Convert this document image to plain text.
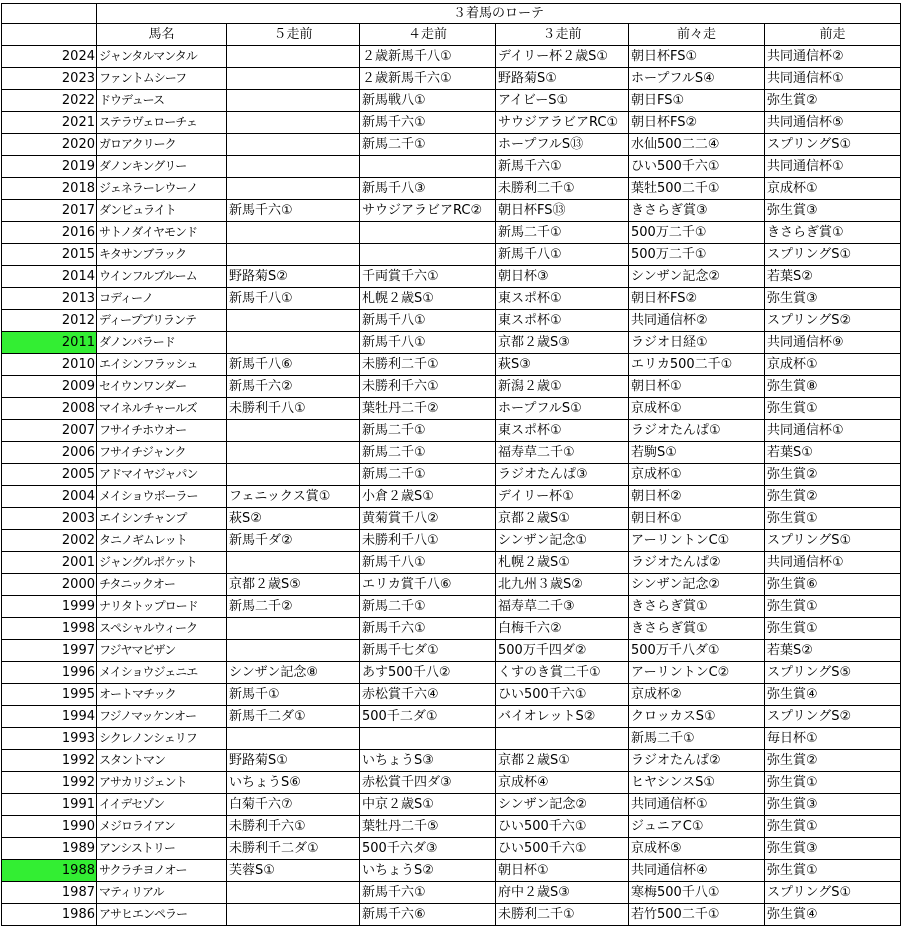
	３着馬のローテ					
	馬名	５走前	４走前	３走前	前々走	前走
2024	ジャンタルマンタル		２歳新馬千八①	デイリー杯２歳S①	朝日杯FS①	共同通信杯②
2023	ファントムシーフ		２歳新馬千六①	野路菊S①	ホープフルS④	共同通信杯①
2022	ドウデュース		新馬戦八①	アイビーS①	朝日FS①	弥生賞②
2021	ステラヴェローチェ		新馬千六①	サウジアラビアRC①	朝日杯FS②	共同通信杯⑤
2020	ガロアクリーク		新馬二千①	ホープフルS⑬	水仙500二二④	スプリングS①
2019	ダノンキングリー			新馬千六①	ひい500千六①	共同通信杯①
2018	ジェネラーレウーノ		新馬千八③	未勝利二千①	葉牡500二千①	京成杯①
2017	ダンビュライト	新馬千六①	サウジアラビアRC②	朝日杯FS⑬	きさらぎ賞③	弥生賞③
2016	サトノダイヤモンド			新馬二千①	500万二千①	きさらぎ賞①
2015	キタサンブラック			新馬千八①	500万二千①	スプリングS①
2014	ウインフルブルーム	野路菊S②	千両賞千六①	朝日杯③	シンザン記念②	若葉S②
2013	コディーノ	新馬千八①	札幌２歳S①	東スポ杯①	朝日杯FS②	弥生賞③
2012	ディープブリランテ		新馬千八①	東スポ杯①	共同通信杯②	スプリングS②
2011	ダノンバラード		新馬千八①	京都２歳S③	ラジオ日経①	共同通信杯⑨
2010	エイシンフラッシュ	新馬千八⑥	未勝利二千①	萩S③	エリカ500二千①	京成杯①
2009	セイウンワンダー	新馬千六②	未勝利千六①	新潟２歳①	朝日杯①	弥生賞⑧
2008	マイネルチャールズ	未勝利千八①	葉牡丹二千②	ホープフルS①	京成杯①	弥生賞①
2007	フサイチホウオー		新馬二千①	東スポ杯①	ラジオたんぱ①	共同通信杯①
2006	フサイチジャンク		新馬二千①	福寿草二千①	若駒S①	若葉S①
2005	アドマイヤジャパン		新馬二千①	ラジオたんぱ③	京成杯①	弥生賞②
2004	メイショウボーラー	フェニックス賞①	小倉２歳S①	デイリー杯①	朝日杯②	弥生賞②
2003	エイシンチャンプ	萩S②	黄菊賞千八②	京都２歳S①	朝日杯①	弥生賞①
2002	タニノギムレット	新馬千ダ②	未勝利千八①	シンザン記念①	アーリントンC①	スプリングS①
2001	ジャングルポケット		新馬千八①	札幌２歳S①	ラジオたんぱ②	共同通信杯①
2000	チタニックオー	京都２歳S⑤	エリカ賞千八⑥	北九州３歳S②	シンザン記念②	弥生賞⑥
1999	ナリタトップロード	新馬二千②	新馬二千①	福寿草二千③	きさらぎ賞①	弥生賞①
1998	スペシャルウィーク		新馬千六①	白梅千六②	きさらぎ賞①	弥生賞①
1997	フジヤマビザン		新馬千七ダ①	500万千四ダ②	500万千八ダ①	若葉S②
1996	メイショウジェニエ	シンザン記念⑧	あす500千八②	くすのき賞二千①	アーリントンC②	スプリングS⑤
1995	オートマチック	新馬千①	赤松賞千六④	ひい500千六①	京成杯②	弥生賞④
1994	フジノマッケンオー	新馬千二ダ①	500千二ダ①	バイオレットS②	クロッカスS①	スプリングS②
1993	シクレノンシェリフ				新馬二千①	毎日杯①
1992	スタントマン	野路菊S①	いちょうS③	京都２歳S①	ラジオたんぱ②	弥生賞②
1992	アサカリジェント	いちょうS⑥	赤松賞千四ダ③	京成杯④	ヒヤシンスS①	弥生賞①
1991	イイデセゾン	白菊千六⑦	中京２歳S①	シンザン記念②	共同通信杯①	弥生賞③
1990	メジロライアン	未勝利千六①	葉牡丹二千⑤	ひい500千六①	ジュニアC①	弥生賞①
1989	アンシストリー	未勝利千二ダ①	500千六ダ③	ひい500千六①	京成杯⑤	弥生賞③
1988	サクラチヨノオー	芙蓉S①	いちょうS②	朝日杯①	共同通信杯④	弥生賞①
1987	マティリアル		新馬千六①	府中２歳S③	寒梅500千八①	スプリングS①
1986	アサヒエンペラー		新馬千六⑥	未勝利二千①	若竹500二千①	弥生賞④
